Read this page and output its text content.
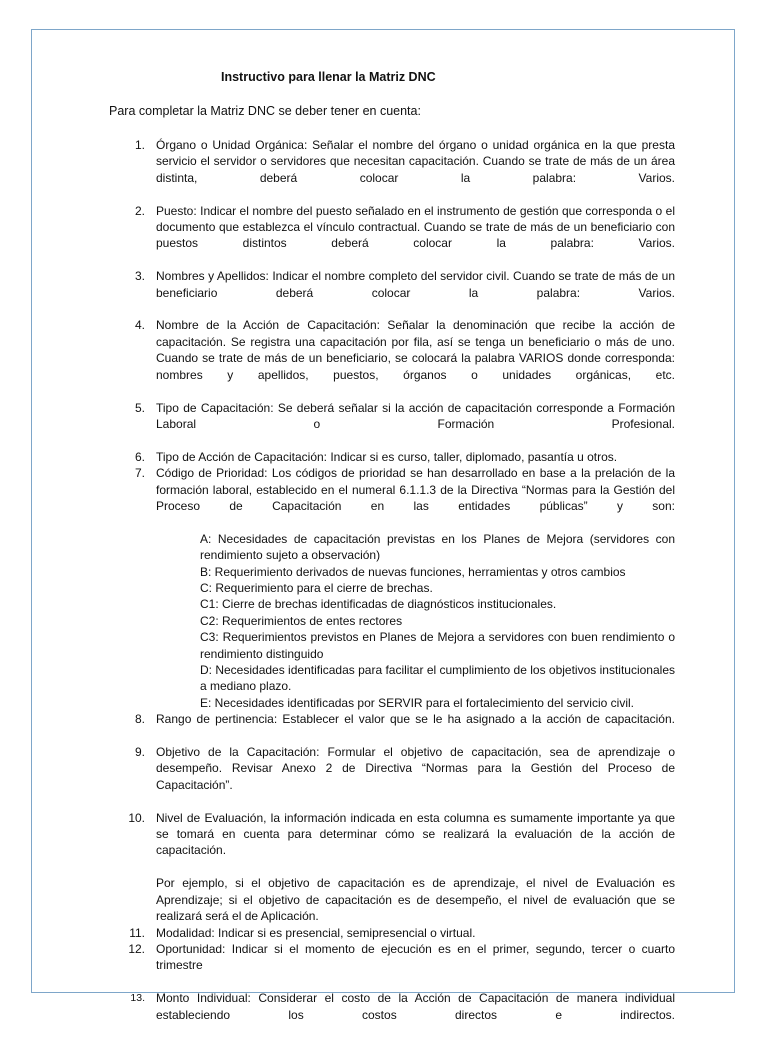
Instructivo para llenar la Matriz DNC
Para completar la Matriz DNC se deber tener en cuenta:
1. Órgano o Unidad Orgánica: Señalar el nombre del órgano o unidad orgánica en la que presta servicio el servidor o servidores que necesitan capacitación. Cuando se trate de más de un área distinta, deberá colocar la palabra: Varios.
2. Puesto: Indicar el nombre del puesto señalado en el instrumento de gestión que corresponda o el documento que establezca el vínculo contractual. Cuando se trate de más de un beneficiario con puestos distintos deberá colocar la palabra: Varios.
3. Nombres y Apellidos: Indicar el nombre completo del servidor civil. Cuando se trate de más de un beneficiario deberá colocar la palabra: Varios.
4. Nombre de la Acción de Capacitación: Señalar la denominación que recibe la acción de capacitación. Se registra una capacitación por fila, así se tenga un beneficiario o más de uno. Cuando se trate de más de un beneficiario, se colocará la palabra VARIOS donde corresponda: nombres y apellidos, puestos, órganos o unidades orgánicas, etc.
5. Tipo de Capacitación: Se deberá señalar si la acción de capacitación corresponde a Formación Laboral o Formación Profesional.
6. Tipo de Acción de Capacitación: Indicar si es curso, taller, diplomado, pasantía u otros.
7. Código de Prioridad: Los códigos de prioridad se han desarrollado en base a la prelación de la formación laboral, establecido en el numeral 6.1.1.3 de la Directiva “Normas para la Gestión del Proceso de Capacitación en las entidades públicas” y son:
A: Necesidades de capacitación previstas en los Planes de Mejora (servidores con rendimiento sujeto a observación)
B: Requerimiento derivados de nuevas funciones, herramientas y otros cambios
C: Requerimiento para el cierre de brechas.
C1: Cierre de brechas identificadas de diagnósticos institucionales.
C2: Requerimientos de entes rectores
C3: Requerimientos previstos en Planes de Mejora a servidores con buen rendimiento o rendimiento distinguido
D: Necesidades identificadas para facilitar el cumplimiento de los objetivos institucionales a mediano plazo.
E: Necesidades identificadas por SERVIR para el fortalecimiento del servicio civil.
8. Rango de pertinencia: Establecer el valor que se le ha asignado a la acción de capacitación.
9. Objetivo de la Capacitación: Formular el objetivo de capacitación, sea de aprendizaje o desempeño. Revisar Anexo 2 de Directiva “Normas para la Gestión del Proceso de Capacitación”.
10. Nivel de Evaluación, la información indicada en esta columna es sumamente importante ya que se tomará en cuenta para determinar cómo se realizará la evaluación de la acción de capacitación.
Por ejemplo, si el objetivo de capacitación es de aprendizaje, el nivel de Evaluación es Aprendizaje; si el objetivo de capacitación es de desempeño, el nivel de evaluación que se realizará será el de Aplicación.
11. Modalidad: Indicar si es presencial, semipresencial o virtual.
12. Oportunidad: Indicar si el momento de ejecución es en el primer, segundo, tercer o cuarto trimestre
13. Monto Individual: Considerar el costo de la Acción de Capacitación de manera individual estableciendo los costos directos e indirectos.
